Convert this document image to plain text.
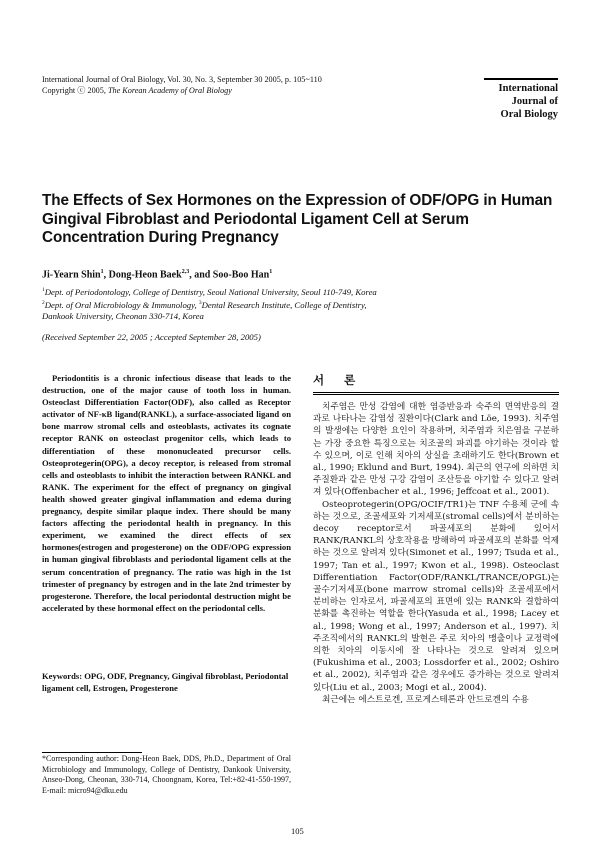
International Journal of Oral Biology, Vol. 30, No. 3, September 30 2005, p. 105~110
Copyright ⓒ 2005, The Korean Academy of Oral Biology	International
Journal of
Oral Biology
The Effects of Sex Hormones on the Expression of ODF/OPG in Human Gingival Fibroblast and Periodontal Ligament Cell at Serum Concentration During Pregnancy
Ji-Yearn Shin$^1$, Dong-Heon Baek$^{2,3}$, and Soo-Boo Han$^1$
$^1$Dept. of Periodontology, College of Dentistry, Seoul National University, Seoul 110-749, Korea
$^2$Dept. of Oral Microbiology & Immunology, $^3$Dental Research Institute, College of Dentistry,
Dankook University, Cheonan 330-714, Korea
(Received September 22, 2005 ; Accepted September 28, 2005)
Periodontitis is a chronic infectious disease that leads to the destruction, one of the major cause of tooth loss in human. Osteoclast Differentiation Factor(ODF), also called as Receptor activator of NF-κB ligand(RANKL), a surface-associated ligand on bone marrow stromal cells and osteoblasts, activates its cognate receptor RANK on osteoclast progenitor cells, which leads to differentiation of these mononucleated precursor cells. Osteoprotegerin(OPG), a decoy receptor, is released from stromal cells and osteoblasts to inhibit the interaction between RANKL and RANK. The experiment for the effect of pregnancy on gingival health showed greater gingival inflammation and edema during pregnancy, despite similar plaque index. There should be many factors affecting the periodontal health in pregnancy. In this experiment, we examined the direct effects of sex hormones(estrogen and progesterone) on the ODF/OPG expression in human gingival fibroblasts and periodontal ligament cells at the serum concentration of pregnancy. The ratio was high in the 1st trimester of pregnancy by estrogen and in the late 2nd trimester by progesterone. Therefore, the local periodontal destruction might be accelerated by these hormonal effect on the periodontal cells.
Keywords: OPG, ODF, Pregnancy, Gingival fibroblast, Periodontal ligament cell, Estrogen, Progesterone
*Corresponding author: Dong-Heon Baek, DDS, Ph.D., Department of Oral Microbiology and Immunology, College of Dentistry, Dankook University, Anseo-Dong, Cheonan, 330-714, Choongnam, Korea, Tel:+82-41-550-1997, E-mail: micro94@dku.edu
서 론

치주염은 만성 감염에 대한 염증반응과 숙주의 면역반응의 결과로 나타나는 감염성 질환이다(Clark and Löe, 1993). 치주염의 발생에는 다양한 요인이 작용하며, 치주염과 치은염을 구분하는 가장 중요한 특징으로는 치조골의 파괴를 야기하는 것이라 할 수 있으며, 이로 인해 치아의 상실을 초래하기도 한다(Brown et al., 1990; Eklund and Burt, 1994). 최근의 연구에 의하면 치주질환과 같은 만성 구강 감염이 조산등을 야기할 수 있다고 알려져 있다(Offenbacher et al., 1996; Jeffcoat et al., 2001).

Osteoprotegerin(OPG/OCIF/TR1)는 TNF 수용체 군에 속하는 것으로, 조골세포와 기저세포(stromal cells)에서 분비하는 decoy receptor로서 파골세포의 분화에 있어서 RANK/RANKL의 상호작용을 방해하여 파골세포의 분화를 억제하는 것으로 알려져 있다(Simonet et al., 1997; Tsuda et al., 1997; Tan et al., 1997; Kwon et al., 1998). Osteoclast Differentiation Factor(ODF/RANKL/TRANCE/OPGL)는 골수기저세포(bone marrow stromal cells)와 조골세포에서 분비하는 인자로서, 파골세포의 표면에 있는 RANK와 결합하여 분화를 촉진하는 역할을 한다(Yasuda et al., 1998; Lacey et al., 1998; Wong et al., 1997; Anderson et al., 1997). 치주조직에서의 RANKL의 발현은 주로 치아의 맹출이나 교정력에 의한 치아의 이동시에 잘 나타나는 것으로 알려져 있으며(Fukushima et al., 2003; Lossdorfer et al., 2002; Oshiro et al., 2002), 치주염과 같은 경우에도 증가하는 것으로 알려져 있다(Liu et al., 2003; Mogi et al., 2004).

최근에는 에스트로겐, 프로게스테론과 안드로겐의 수용

105
